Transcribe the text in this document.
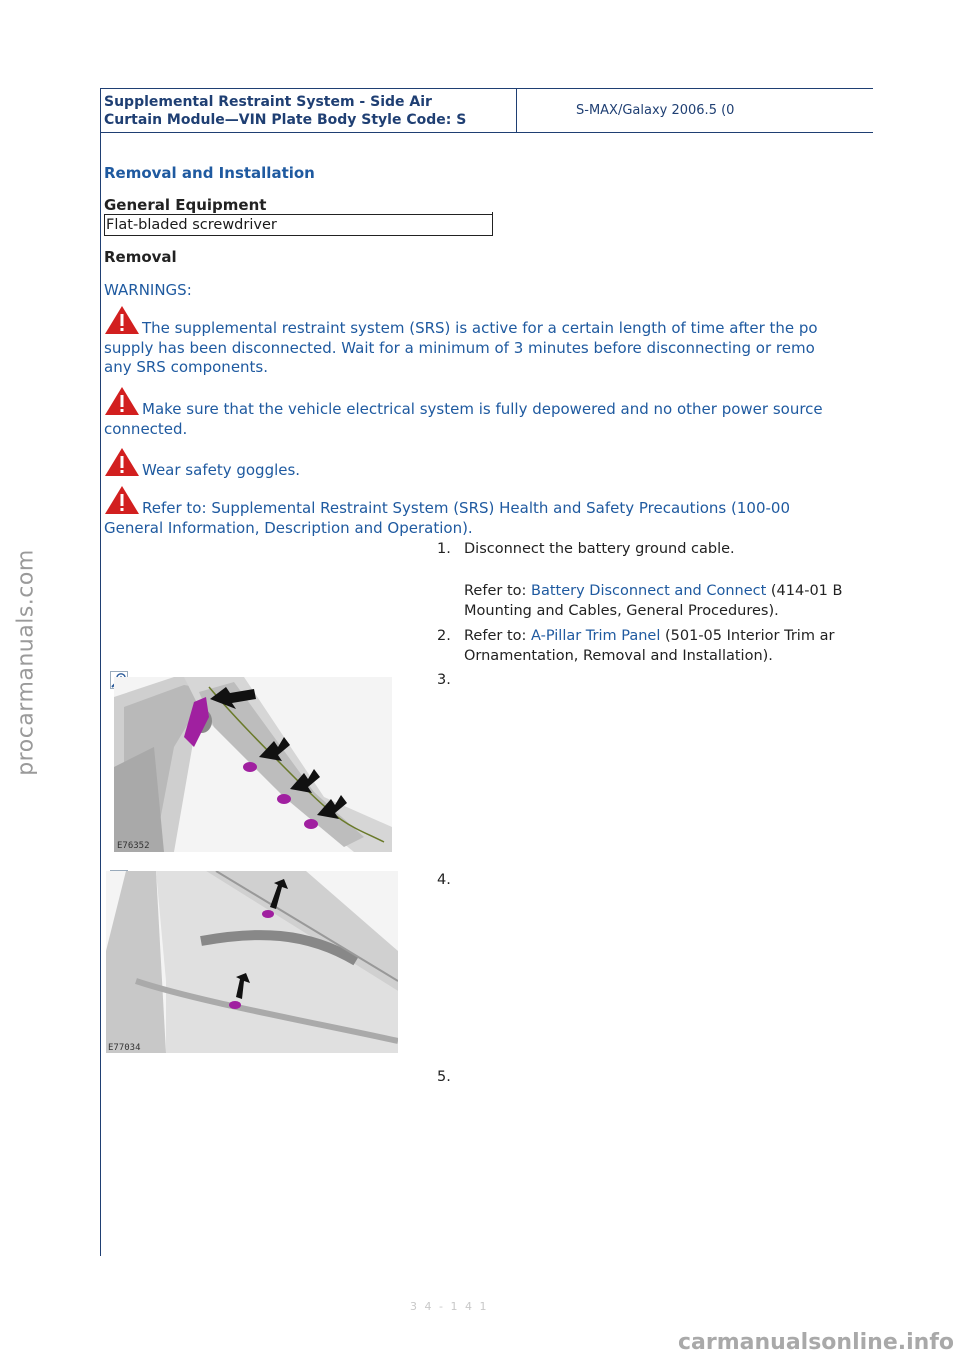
Supplemental Restraint System - Side Air
Curtain Module—VIN Plate Body Style Code: S
S-MAX/Galaxy 2006.5 (0
Removal and Installation
General Equipment
Flat-bladed screwdriver
Removal
WARNINGS:
The supplemental restraint system (SRS) is active for a certain length of time after the po
supply has been disconnected. Wait for a minimum of 3 minutes before disconnecting or remo
any SRS components.
Make sure that the vehicle electrical system is fully depowered and no other power source
connected.
Wear safety goggles.
Refer to: Supplemental Restraint System (SRS) Health and Safety Precautions (100-00
General Information, Description and Operation).
1. Disconnect the battery ground cable.
Refer to: Battery Disconnect and Connect (414-01 B
Mounting and Cables, General Procedures).
2. Refer to: A-Pillar Trim Panel (501-05 Interior Trim ar
Ornamentation, Removal and Installation).
3.
4.
5.
E76352
E77034
3 4 - 1 4 1
procarmanuals.com
carmanualsonline.info
